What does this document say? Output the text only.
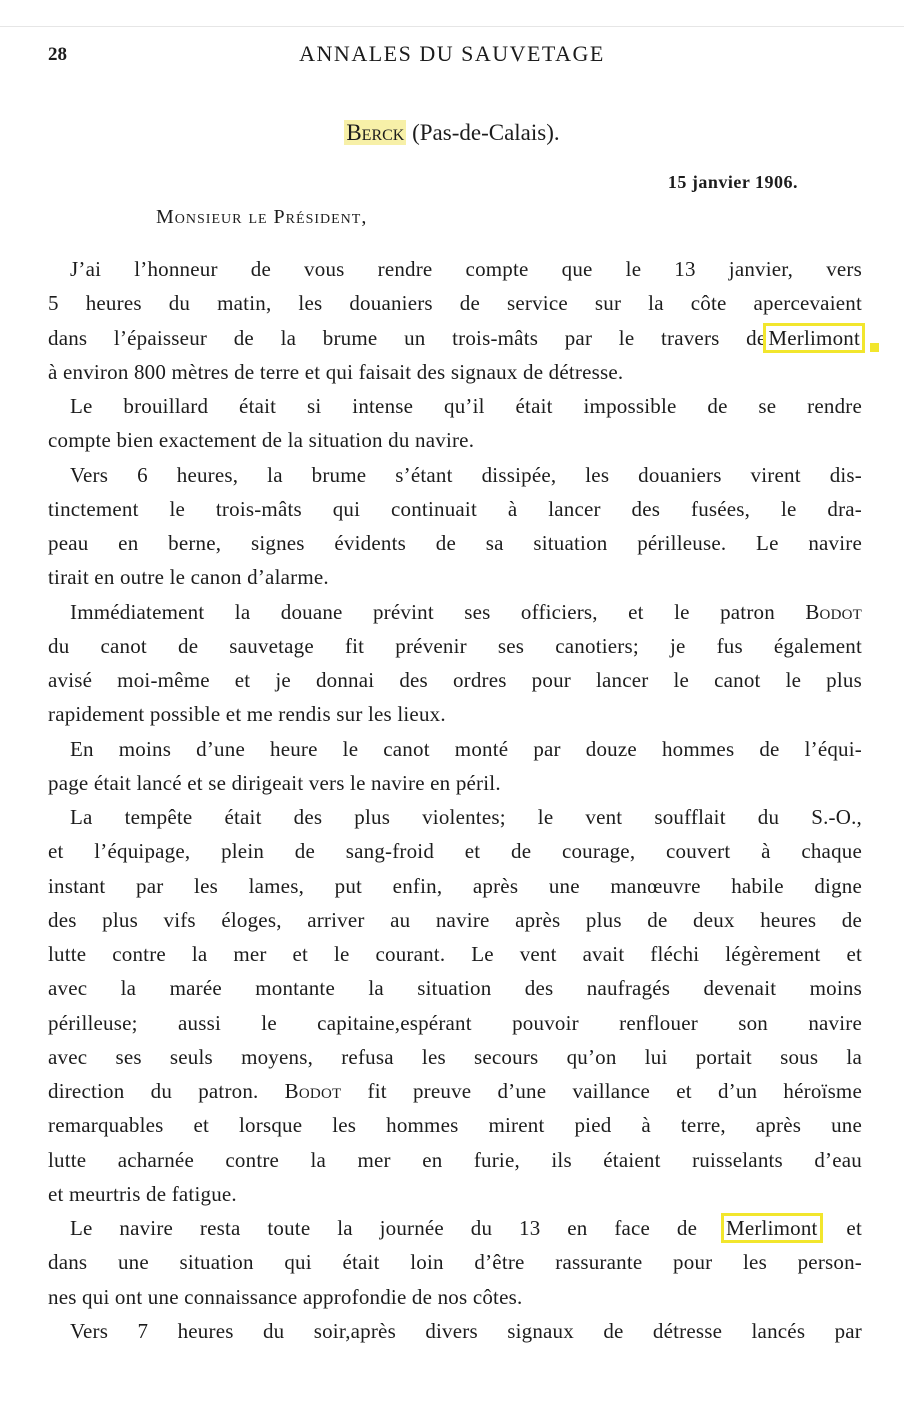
28	ANNALES DU SAUVETAGE
Berck (Pas-de-Calais).
15 janvier 1906.
Monsieur le Président,
J’ai l’honneur de vous rendre compte que le 13 janvier, vers
5 heures du matin, les douaniers de service sur la côte apercevaient
dans l’épaisseur de la brume un trois-mâts par le travers deMerlimont
à environ 800 mètres de terre et qui faisait des signaux de détresse.
Le brouillard était si intense qu’il était impossible de se rendre
compte bien exactement de la situation du navire.
Vers 6 heures, la brume s’étant dissipée, les douaniers virent dis-
tinctement le trois-mâts qui continuait à lancer des fusées, le dra-
peau en berne, signes évidents de sa situation périlleuse. Le navire
tirait en outre le canon d’alarme.
Immédiatement la douane prévint ses officiers, et le patron Bodot
du canot de sauvetage fit prévenir ses canotiers; je fus également
avisé moi-même et je donnai des ordres pour lancer le canot le plus
rapidement possible et me rendis sur les lieux.
En moins d’une heure le canot monté par douze hommes de l’équi-
page était lancé et se dirigeait vers le navire en péril.
La tempête était des plus violentes; le vent soufflait du S.-O.,
et l’équipage, plein de sang-froid et de courage, couvert à chaque
instant par les lames, put enfin, après une manœuvre habile digne
des plus vifs éloges, arriver au navire après plus de deux heures de
lutte contre la mer et le courant. Le vent avait fléchi légèrement et
avec la marée montante la situation des naufragés devenait moins
périlleuse; aussi le capitaine,espérant pouvoir renflouer son navire
avec ses seuls moyens, refusa les secours qu’on lui portait sous la
direction du patron. Bodot fit preuve d’une vaillance et d’un héroïsme
remarquables et lorsque les hommes mirent pied à terre, après une
lutte acharnée contre la mer en furie, ils étaient ruisselants d’eau
et meurtris de fatigue.
Le navire resta toute la journée du 13 en face de Merlimont et
dans une situation qui était loin d’être rassurante pour les person-
nes qui ont une connaissance approfondie de nos côtes.
Vers 7 heures du soir,après divers signaux de détresse lancés par
